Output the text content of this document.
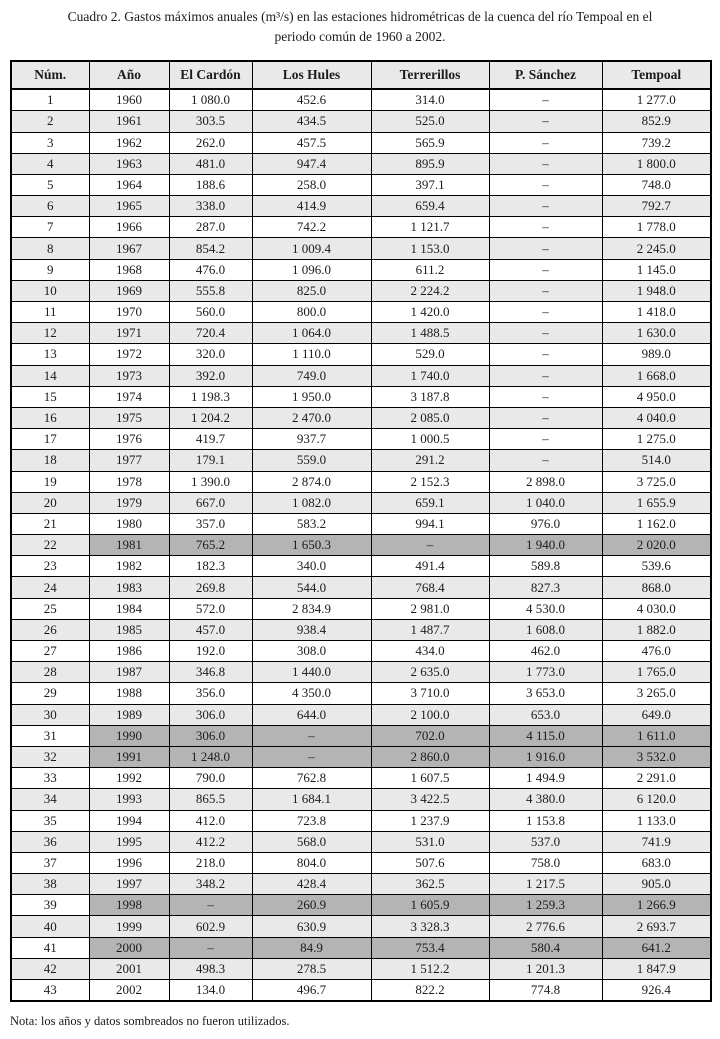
Cuadro 2. Gastos máximos anuales (m³/s) en las estaciones hidrométricas de la cuenca del río Tempoal en el periodo común de 1960 a 2002.
Núm.	Año	El Cardón	Los Hules	Terrerillos	P. Sánchez	Tempoal
1	1960	1 080.0	452.6	314.0	–	1 277.0
2	1961	303.5	434.5	525.0	–	852.9
3	1962	262.0	457.5	565.9	–	739.2
4	1963	481.0	947.4	895.9	–	1 800.0
5	1964	188.6	258.0	397.1	–	748.0
6	1965	338.0	414.9	659.4	–	792.7
7	1966	287.0	742.2	1 121.7	–	1 778.0
8	1967	854.2	1 009.4	1 153.0	–	2 245.0
9	1968	476.0	1 096.0	611.2	–	1 145.0
10	1969	555.8	825.0	2 224.2	–	1 948.0
11	1970	560.0	800.0	1 420.0	–	1 418.0
12	1971	720.4	1 064.0	1 488.5	–	1 630.0
13	1972	320.0	1 110.0	529.0	–	989.0
14	1973	392.0	749.0	1 740.0	–	1 668.0
15	1974	1 198.3	1 950.0	3 187.8	–	4 950.0
16	1975	1 204.2	2 470.0	2 085.0	–	4 040.0
17	1976	419.7	937.7	1 000.5	–	1 275.0
18	1977	179.1	559.0	291.2	–	514.0
19	1978	1 390.0	2 874.0	2 152.3	2 898.0	3 725.0
20	1979	667.0	1 082.0	659.1	1 040.0	1 655.9
21	1980	357.0	583.2	994.1	976.0	1 162.0
22	1981	765.2	1 650.3	–	1 940.0	2 020.0
23	1982	182.3	340.0	491.4	589.8	539.6
24	1983	269.8	544.0	768.4	827.3	868.0
25	1984	572.0	2 834.9	2 981.0	4 530.0	4 030.0
26	1985	457.0	938.4	1 487.7	1 608.0	1 882.0
27	1986	192.0	308.0	434.0	462.0	476.0
28	1987	346.8	1 440.0	2 635.0	1 773.0	1 765.0
29	1988	356.0	4 350.0	3 710.0	3 653.0	3 265.0
30	1989	306.0	644.0	2 100.0	653.0	649.0
31	1990	306.0	–	702.0	4 115.0	1 611.0
32	1991	1 248.0	–	2 860.0	1 916.0	3 532.0
33	1992	790.0	762.8	1 607.5	1 494.9	2 291.0
34	1993	865.5	1 684.1	3 422.5	4 380.0	6 120.0
35	1994	412.0	723.8	1 237.9	1 153.8	1 133.0
36	1995	412.2	568.0	531.0	537.0	741.9
37	1996	218.0	804.0	507.6	758.0	683.0
38	1997	348.2	428.4	362.5	1 217.5	905.0
39	1998	–	260.9	1 605.9	1 259.3	1 266.9
40	1999	602.9	630.9	3 328.3	2 776.6	2 693.7
41	2000	–	84.9	753.4	580.4	641.2
42	2001	498.3	278.5	1 512.2	1 201.3	1 847.9
43	2002	134.0	496.7	822.2	774.8	926.4
Nota: los años y datos sombreados no fueron utilizados.
